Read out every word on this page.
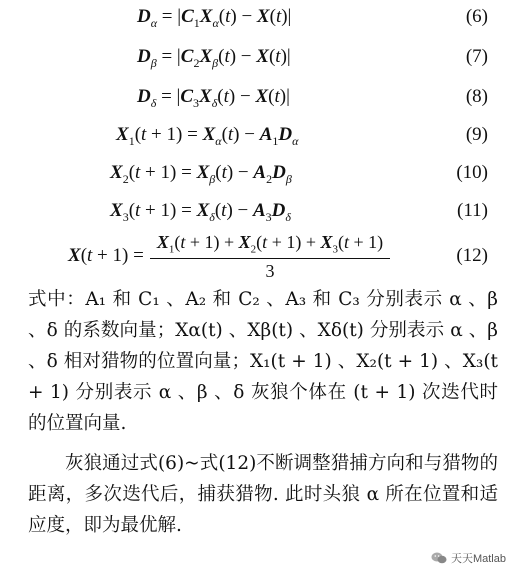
$D_\alpha = |C_1X_\alpha(t) - X(t)|$	(6)
$D_\beta = |C_2X_\beta(t) - X(t)|$	(7)
$D_\delta = |C_3X_\delta(t) - X(t)|$	(8)
$X_1(t + 1) = X_\alpha(t) - A_1D_\alpha$	(9)
$X_2(t + 1) = X_\beta(t) - A_2D_\beta$	(10)
$X_3(t + 1) = X_\delta(t) - A_3D_\delta$	(11)
$X(t + 1) = \frac{X_1(t + 1) + X_2(t + 1) + X_3(t + 1)}{3}$	(12)

式中：A₁ 和 C₁ 、A₂ 和 C₂ 、A₃ 和 C₃ 分别表示 α 、β 、δ 的系数向量；Xα(t) 、Xβ(t) 、Xδ(t) 分别表示 α 、β 、δ 相对猎物的位置向量；X₁(t + 1) 、X₂(t + 1) 、X₃(t + 1) 分别表示 α 、β 、δ 灰狼个体在 (t + 1) 次迭代时的位置向量.

灰狼通过式(6)~式(12)不断调整猎捕方向和与猎物的距离，多次迭代后，捕获猎物. 此时头狼 α 所在位置和适应度，即为最优解.

天天Matlab
